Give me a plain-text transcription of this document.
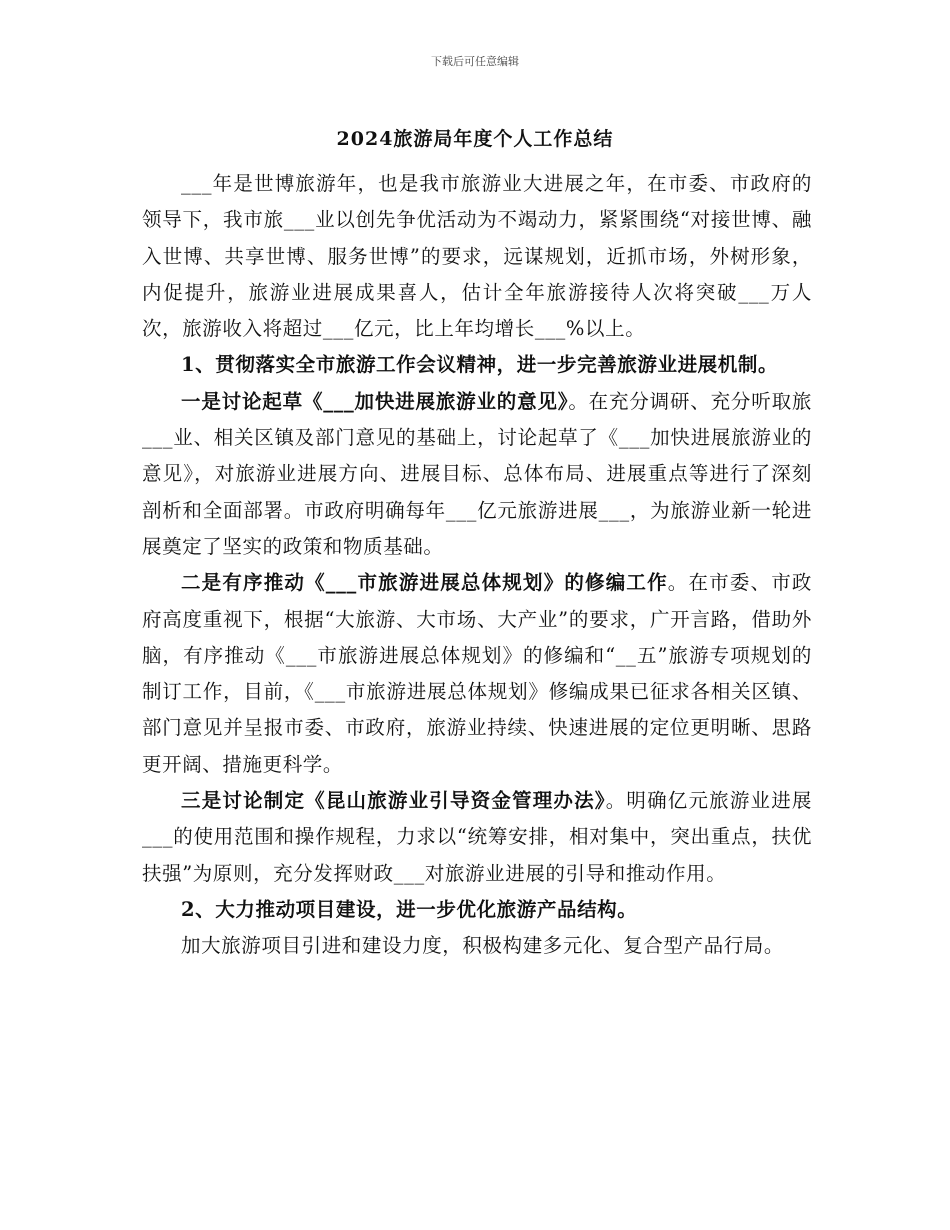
下载后可任意编辑
2024旅游局年度个人工作总结

___年是世博旅游年，也是我市旅游业大进展之年，在市委、市政府的领导下，我市旅___业以创先争优活动为不竭动力，紧紧围绕“对接世博、融入世博、共享世博、服务世博”的要求，远谋规划，近抓市场，外树形象，内促提升，旅游业进展成果喜人，估计全年旅游接待人次将突破___万人次，旅游收入将超过___亿元，比上年均增长___%以上。

1、贯彻落实全市旅游工作会议精神，进一步完善旅游业进展机制。

一是讨论起草《___加快进展旅游业的意见》。在充分调研、充分听取旅___业、相关区镇及部门意见的基础上，讨论起草了《___加快进展旅游业的意见》，对旅游业进展方向、进展目标、总体布局、进展重点等进行了深刻剖析和全面部署。市政府明确每年___亿元旅游进展___，为旅游业新一轮进展奠定了坚实的政策和物质基础。

二是有序推动《___市旅游进展总体规划》的修编工作。在市委、市政府高度重视下，根据“大旅游、大市场、大产业”的要求，广开言路，借助外脑，有序推动《___市旅游进展总体规划》的修编和“__五”旅游专项规划的制订工作，目前，《___市旅游进展总体规划》修编成果已征求各相关区镇、部门意见并呈报市委、市政府，旅游业持续、快速进展的定位更明晰、思路更开阔、措施更科学。

三是讨论制定《昆山旅游业引导资金管理办法》。明确亿元旅游业进展___的使用范围和操作规程，力求以“统筹安排，相对集中，突出重点，扶优扶强”为原则，充分发挥财政___对旅游业进展的引导和推动作用。

2、大力推动项目建设，进一步优化旅游产品结构。

加大旅游项目引进和建设力度，积极构建多元化、复合型产品行局。
